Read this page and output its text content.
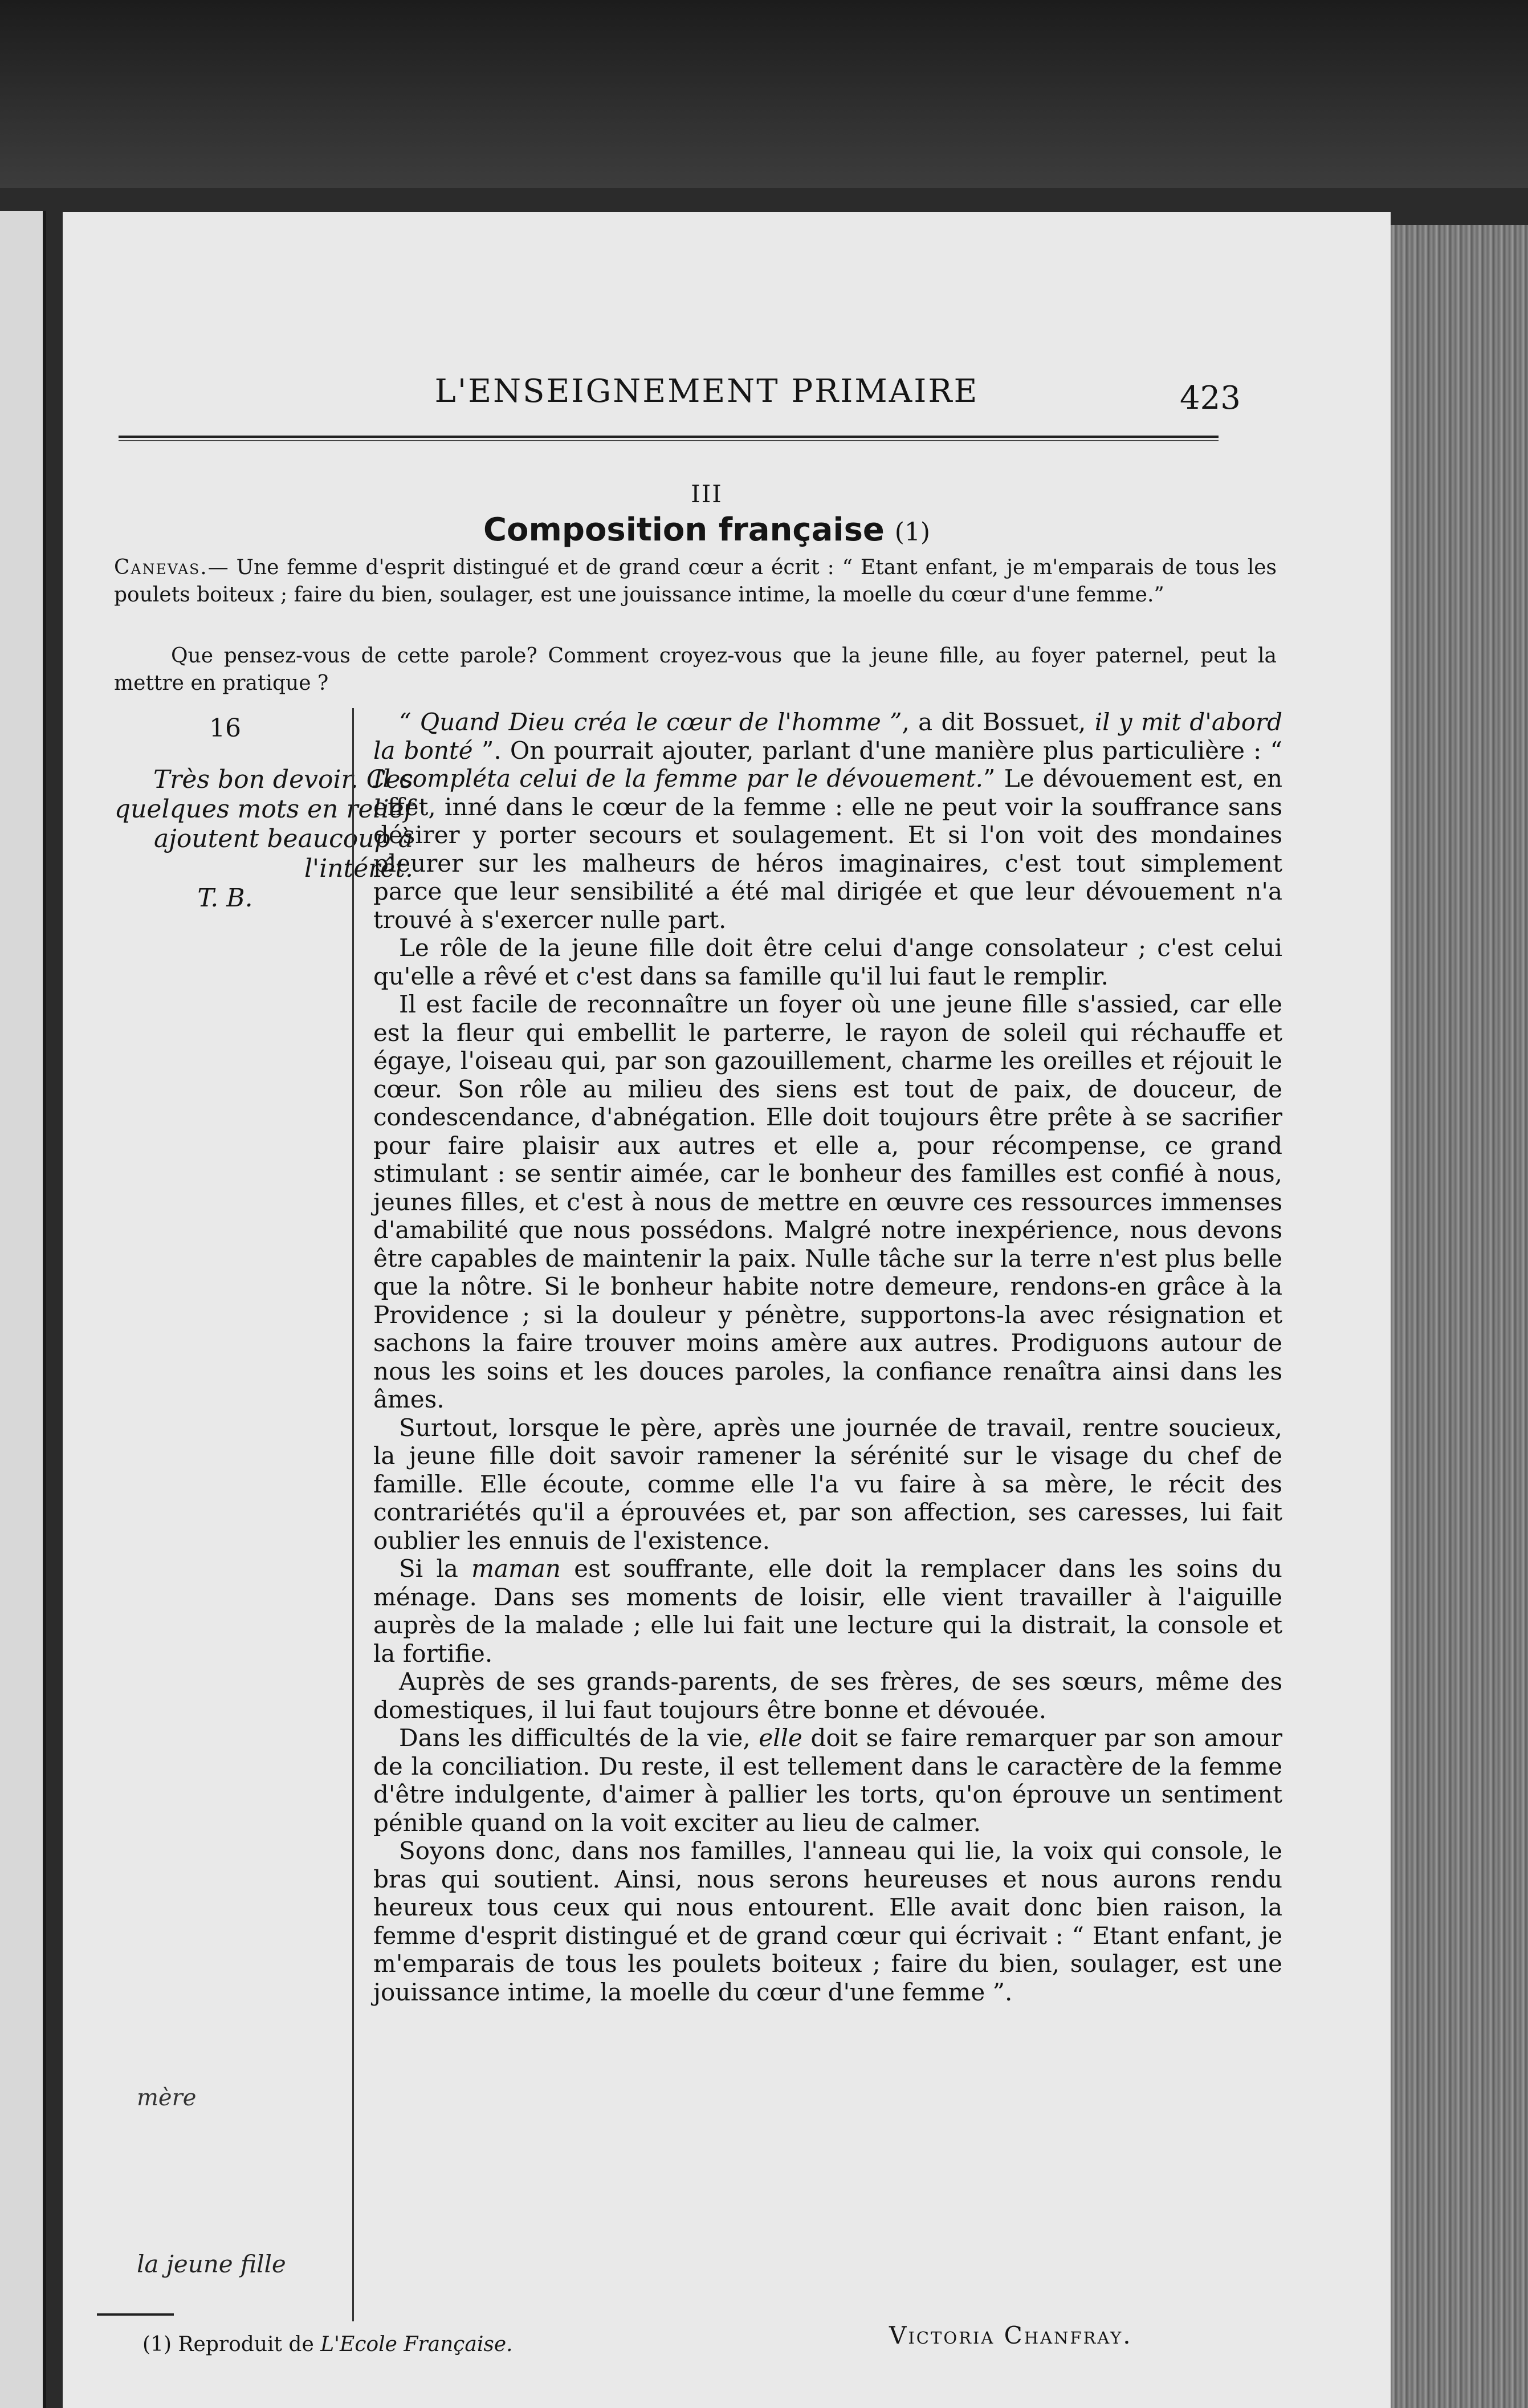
L'ENSEIGNEMENT PRIMAIRE	423
III
Composition française (1)
Canevas.— Une femme d'esprit distingué et de grand cœur a écrit : “ Etant enfant, je m'emparais de tous les poulets boiteux ; faire du bien, soulager, est une jouissance intime, la moelle du cœur d'une femme.”
Que pensez-vous de cette parole? Comment croyez-vous que la jeune fille, au foyer paternel, peut la mettre en pratique ?
16
Très bon devoir. Ces quelques mots en relief ajoutent beaucoup à l'intérêt.
T. B.
mère
la jeune fille

“ Quand Dieu créa le cœur de l'homme ”, a dit Bossuet, il y mit d'abord la bonté ”. On pourrait ajouter, parlant d'une manière plus particulière : “ Il compléta celui de la femme par le dévouement.” Le dévouement est, en effet, inné dans le cœur de la femme : elle ne peut voir la souffrance sans désirer y porter secours et soulagement. Et si l'on voit des mondaines pleurer sur les malheurs de héros imaginaires, c'est tout simplement parce que leur sensibilité a été mal dirigée et que leur dévouement n'a trouvé à s'exercer nulle part.

Le rôle de la jeune fille doit être celui d'ange consolateur ; c'est celui qu'elle a rêvé et c'est dans sa famille qu'il lui faut le remplir.

Il est facile de reconnaître un foyer où une jeune fille s'assied, car elle est la fleur qui embellit le parterre, le rayon de soleil qui réchauffe et égaye, l'oiseau qui, par son gazouillement, charme les oreilles et réjouit le cœur. Son rôle au milieu des siens est tout de paix, de douceur, de condescendance, d'abnégation. Elle doit toujours être prête à se sacrifier pour faire plaisir aux autres et elle a, pour récompense, ce grand stimulant : se sentir aimée, car le bonheur des familles est confié à nous, jeunes filles, et c'est à nous de mettre en œuvre ces ressources immenses d'amabilité que nous possédons. Malgré notre inexpérience, nous devons être capables de maintenir la paix. Nulle tâche sur la terre n'est plus belle que la nôtre. Si le bonheur habite notre demeure, rendons-en grâce à la Providence ; si la douleur y pénètre, supportons-la avec résignation et sachons la faire trouver moins amère aux autres. Prodiguons autour de nous les soins et les douces paroles, la confiance renaîtra ainsi dans les âmes.

Surtout, lorsque le père, après une journée de travail, rentre soucieux, la jeune fille doit savoir ramener la sérénité sur le visage du chef de famille. Elle écoute, comme elle l'a vu faire à sa mère, le récit des contrariétés qu'il a éprouvées et, par son affection, ses caresses, lui fait oublier les ennuis de l'existence.

Si la maman est souffrante, elle doit la remplacer dans les soins du ménage. Dans ses moments de loisir, elle vient travailler à l'aiguille auprès de la malade ; elle lui fait une lecture qui la distrait, la console et la fortifie.

Auprès de ses grands-parents, de ses frères, de ses sœurs, même des domestiques, il lui faut toujours être bonne et dévouée.

Dans les difficultés de la vie, elle doit se faire remarquer par son amour de la conciliation. Du reste, il est tellement dans le caractère de la femme d'être indulgente, d'aimer à pallier les torts, qu'on éprouve un sentiment pénible quand on la voit exciter au lieu de calmer.

Soyons donc, dans nos familles, l'anneau qui lie, la voix qui console, le bras qui soutient. Ainsi, nous serons heureuses et nous aurons rendu heureux tous ceux qui nous entourent. Elle avait donc bien raison, la femme d'esprit distingué et de grand cœur qui écrivait : “ Etant enfant, je m'emparais de tous les poulets boiteux ; faire du bien, soulager, est une jouissance intime, la moelle du cœur d'une femme ”.

Victoria Chanfray.
(1) Reproduit de L'Ecole Française.
